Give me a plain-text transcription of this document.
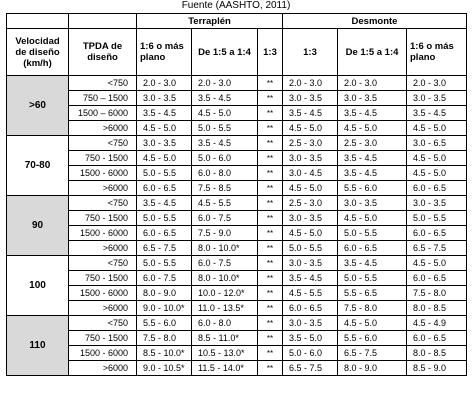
Fuente (AASHTO, 2011)
		Terraplén			Desmonte		
Velocidad de diseño (km/h)	TPDA de diseño	1:6 o más plano	De 1:5 a 1:4	1:3	1:3	De 1:5 a 1:4	1:6 o más plano
>60	<750	2.0 - 3.0	2.0 - 3.0	**	2.0 - 3.0	2.0 - 3.0	2.0 - 3.0
	750 – 1500	3.0 - 3.5	3.5 - 4.5	**	3.0 - 3.5	3.0 - 3.5	3.0 - 3.5
	1500 – 6000	3.5 - 4.5	4.5 - 5.0	**	3.5 - 4.5	3.5 - 4.5	3.5 - 4.5
	>6000	4.5 - 5.0	5.0 - 5.5	**	4.5 - 5.0	4.5 - 5.0	4.5 - 5.0
70-80	<750	3.0 - 3.5	3.5 - 4.5	**	2.5 - 3.0	2.5 - 3.0	3.0 - 6.5
	750 - 1500	4.5 - 5.0	5.0 - 6.0	**	3.0 - 3.5	3.5 - 4.5	4.5 - 5.0
	1500 - 6000	5.0 - 5.5	6.0 - 8.0	**	3.0 - 4.5	3.5 - 4.5	4.5 - 5.0
	>6000	6.0 - 6.5	7.5 - 8.5	**	4.5 - 5.0	5.5 - 6.0	6.0 - 6.5
90	<750	3.5 - 4.5	4.5 - 5.5	**	2.5 - 3.0	3.0 - 3.5	3.0 - 3.5
	750 - 1500	5.0 - 5.5	6.0 - 7.5	**	3.0 - 3.5	4.5 - 5.0	5.0 - 5.5
	1500 - 6000	6.0 - 6.5	7.5 - 9.0	**	4.5 - 5.0	5.0 - 5.5	6.0 - 6.5
	>6000	6.5 - 7.5	8.0 - 10.0*	**	5.0 - 5.5	6.0 - 6.5	6.5 - 7.5
100	<750	5.0 - 5.5	6.0 - 7.5	**	3.0 - 3.5	3.5 - 4.5	4.5 - 5.0
	750 - 1500	6.0 - 7.5	8.0 - 10.0*	**	3.5 - 4.5	5.0 - 5.5	6.0 - 6.5
	1500 - 6000	8.0 - 9.0	10.0 - 12.0*	**	4.5 - 5.5	5.5 - 6.5	7.5 - 8.0
	>6000	9.0 - 10.0*	11.0 - 13.5*	**	6.0 - 6.5	7.5 - 8.0	8.0 - 8.5
110	<750	5.5 - 6.0	6.0 - 8.0	**	3.0 - 3.5	4.5 - 5.0	4.5 - 4.9
	750 - 1500	7.5 - 8.0	8.5 - 11.0*	**	3.5 - 5.0	5.5 - 6.0	6.0 - 6.5
	1500 - 6000	8.5 - 10.0*	10.5 - 13.0*	**	5.0 - 6.0	6.5 - 7.5	8.0 - 8.5
	>6000	9.0 - 10.5*	11.5 - 14.0*	**	6.5 - 7.5	8.0 - 9.0	8.5 - 9.0
